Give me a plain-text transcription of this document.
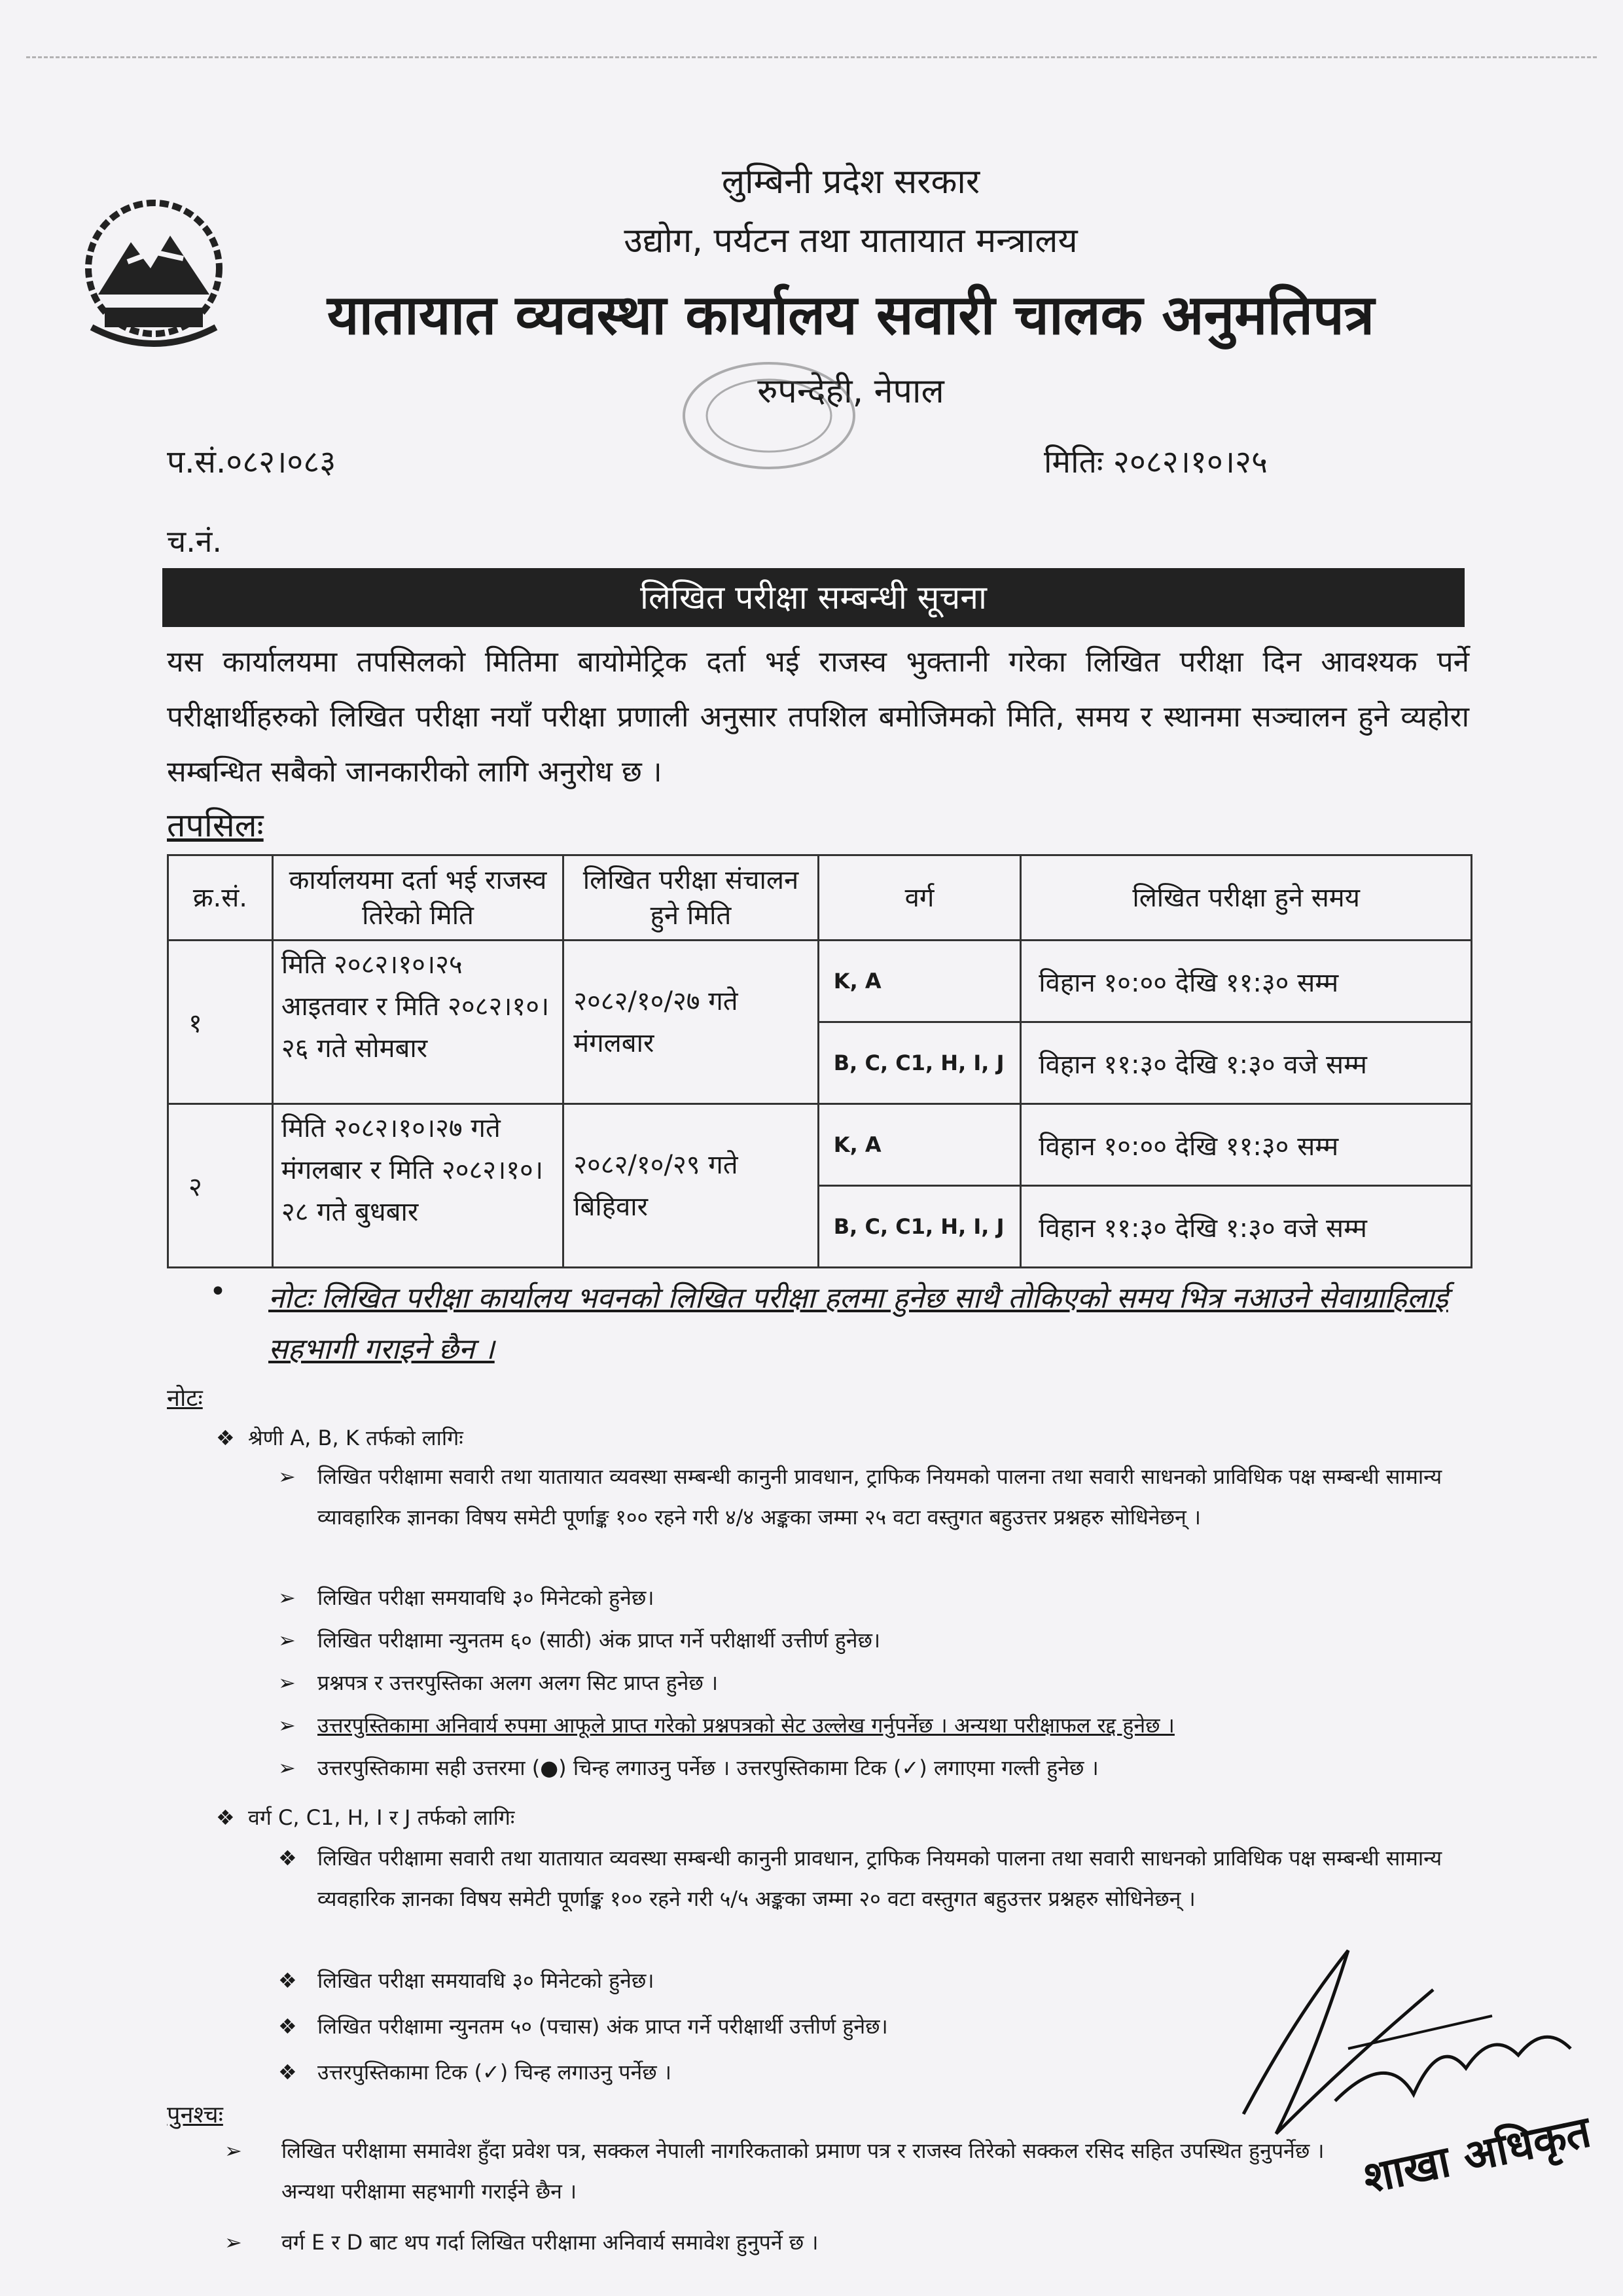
लुम्बिनी प्रदेश सरकार
उद्योग, पर्यटन तथा यातायात मन्त्रालय
यातायात व्यवस्था कार्यालय सवारी चालक अनुमतिपत्र
रुपन्देही, नेपाल
प.सं.०८२।०८३	मितिः २०८२।१०।२५
च.नं.
लिखित परीक्षा सम्बन्धी सूचना
यस कार्यालयमा तपसिलको मितिमा बायोमेट्रिक दर्ता भई राजस्व भुक्तानी गरेका लिखित परीक्षा दिन आवश्यक पर्ने परीक्षार्थीहरुको लिखित परीक्षा नयाँ परीक्षा प्रणाली अनुसार तपशिल बमोजिमको मिति, समय र स्थानमा सञ्चालन हुने व्यहोरा सम्बन्धित सबैको जानकारीको लागि अनुरोध छ ।
तपसिलः
क्र.सं.	कार्यालयमा दर्ता भई राजस्व तिरेको मिति	लिखित परीक्षा संचालन हुने मिति	वर्ग	लिखित परीक्षा हुने समय
१	मिति २०८२।१०।२५ आइतवार र मिति २०८२।१०।२६ गते सोमबार	२०८२/१०/२७ गते मंगलबार	K, A	विहान १०:०० देखि ११:३० सम्म
			B, C, C1, H, I, J	विहान ११:३० देखि १:३० वजे सम्म
२	मिति २०८२।१०।२७ गते मंगलबार र मिति २०८२।१०।२८ गते बुधबार	२०८२/१०/२९ गते बिहिवार	K, A	विहान १०:०० देखि ११:३० सम्म
			B, C, C1, H, I, J	विहान ११:३० देखि १:३० वजे सम्म
• नोटः लिखित परीक्षा कार्यालय भवनको लिखित परीक्षा हलमा हुनेछ साथै तोकिएको समय भित्र नआउने सेवाग्राहिलाई सहभागी गराइने छैन ।
नोटः
❖  श्रेणी A, B, K तर्फको लागिः
➢ लिखित परीक्षामा सवारी तथा यातायात व्यवस्था सम्बन्धी कानुनी प्रावधान, ट्राफिक नियमको पालना तथा सवारी साधनको प्राविधिक पक्ष सम्बन्धी सामान्य व्यावहारिक ज्ञानका विषय समेटी पूर्णाङ्क १०० रहने गरी ४/४ अङ्कका जम्मा २५ वटा वस्तुगत बहुउत्तर प्रश्नहरु सोधिनेछन् ।
➢ लिखित परीक्षा समयावधि ३० मिनेटको हुनेछ।
➢ लिखित परीक्षामा न्युनतम ६० (साठी) अंक प्राप्त गर्ने परीक्षार्थी उत्तीर्ण हुनेछ।
➢ प्रश्नपत्र र उत्तरपुस्तिका अलग अलग सिट प्राप्त हुनेछ ।
➢ उत्तरपुस्तिकामा अनिवार्य रुपमा आफूले प्राप्त गरेको प्रश्नपत्रको सेट उल्लेख गर्नुपर्नेछ । अन्यथा परीक्षाफल रद्द हुनेछ ।
➢ उत्तरपुस्तिकामा सही उत्तरमा (●) चिन्ह लगाउनु पर्नेछ । उत्तरपुस्तिकामा टिक (✓) लगाएमा गल्ती हुनेछ ।
❖  वर्ग C, C1, H, I र J तर्फको लागिः
❖ लिखित परीक्षामा सवारी तथा यातायात व्यवस्था सम्बन्धी कानुनी प्रावधान, ट्राफिक नियमको पालना तथा सवारी साधनको प्राविधिक पक्ष सम्बन्धी सामान्य व्यवहारिक ज्ञानका विषय समेटी पूर्णाङ्क १०० रहने गरी ५/५ अङ्कका जम्मा २० वटा वस्तुगत बहुउत्तर प्रश्नहरु सोधिनेछन् ।
❖ लिखित परीक्षा समयावधि ३० मिनेटको हुनेछ।
❖ लिखित परीक्षामा न्युनतम ५० (पचास) अंक प्राप्त गर्ने परीक्षार्थी उत्तीर्ण हुनेछ।
❖ उत्तरपुस्तिकामा टिक (✓) चिन्ह लगाउनु पर्नेछ ।
पुनश्चः
➢ लिखित परीक्षामा समावेश हुँदा प्रवेश पत्र, सक्कल नेपाली नागरिकताको प्रमाण पत्र र राजस्व तिरेको सक्कल रसिद सहित उपस्थित हुनुपर्नेछ । अन्यथा परीक्षामा सहभागी गराईने छैन ।
➢ वर्ग E र D बाट थप गर्दा लिखित परीक्षामा अनिवार्य समावेश हुनुपर्ने छ ।
शाखा अधिकृत
